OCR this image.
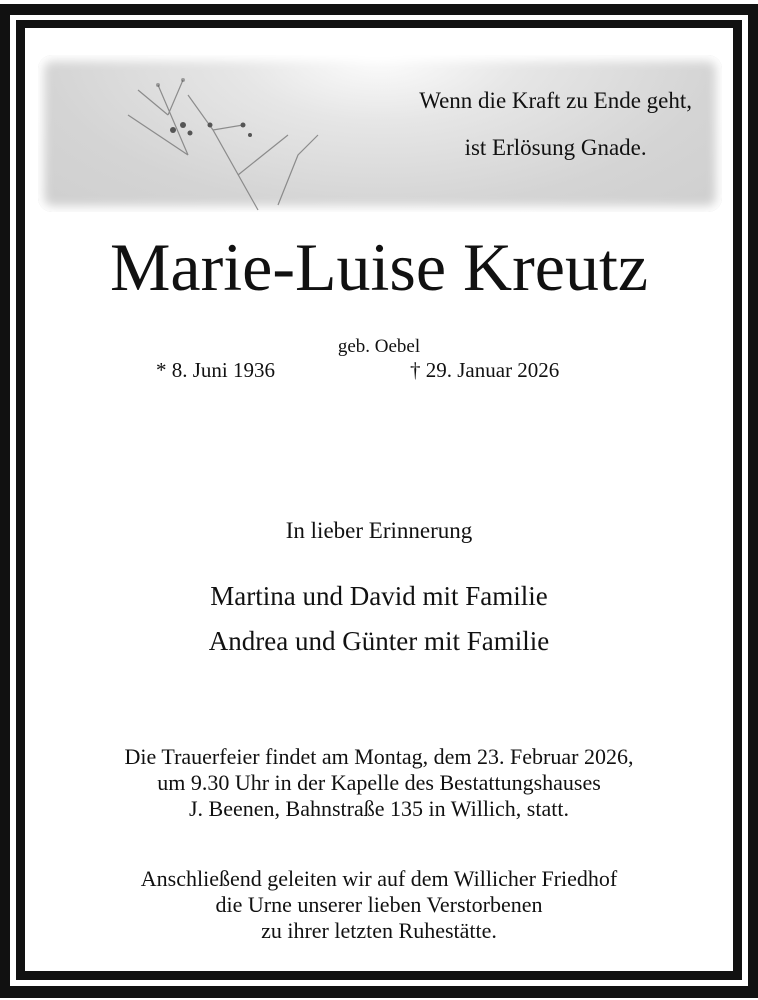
Wenn die Kraft zu Ende geht,
ist Erlösung Gnade.
Marie-Luise Kreutz
geb. Oebel
* 8. Juni 1936	† 29. Januar 2026
In lieber Erinnerung
Martina und David mit Familie
Andrea und Günter mit Familie
Die Trauerfeier findet am Montag, dem 23. Februar 2026,
um 9.30 Uhr in der Kapelle des Bestattungshauses
J. Beenen, Bahnstraße 135 in Willich, statt.
Anschließend geleiten wir auf dem Willicher Friedhof
die Urne unserer lieben Verstorbenen
zu ihrer letzten Ruhestätte.
